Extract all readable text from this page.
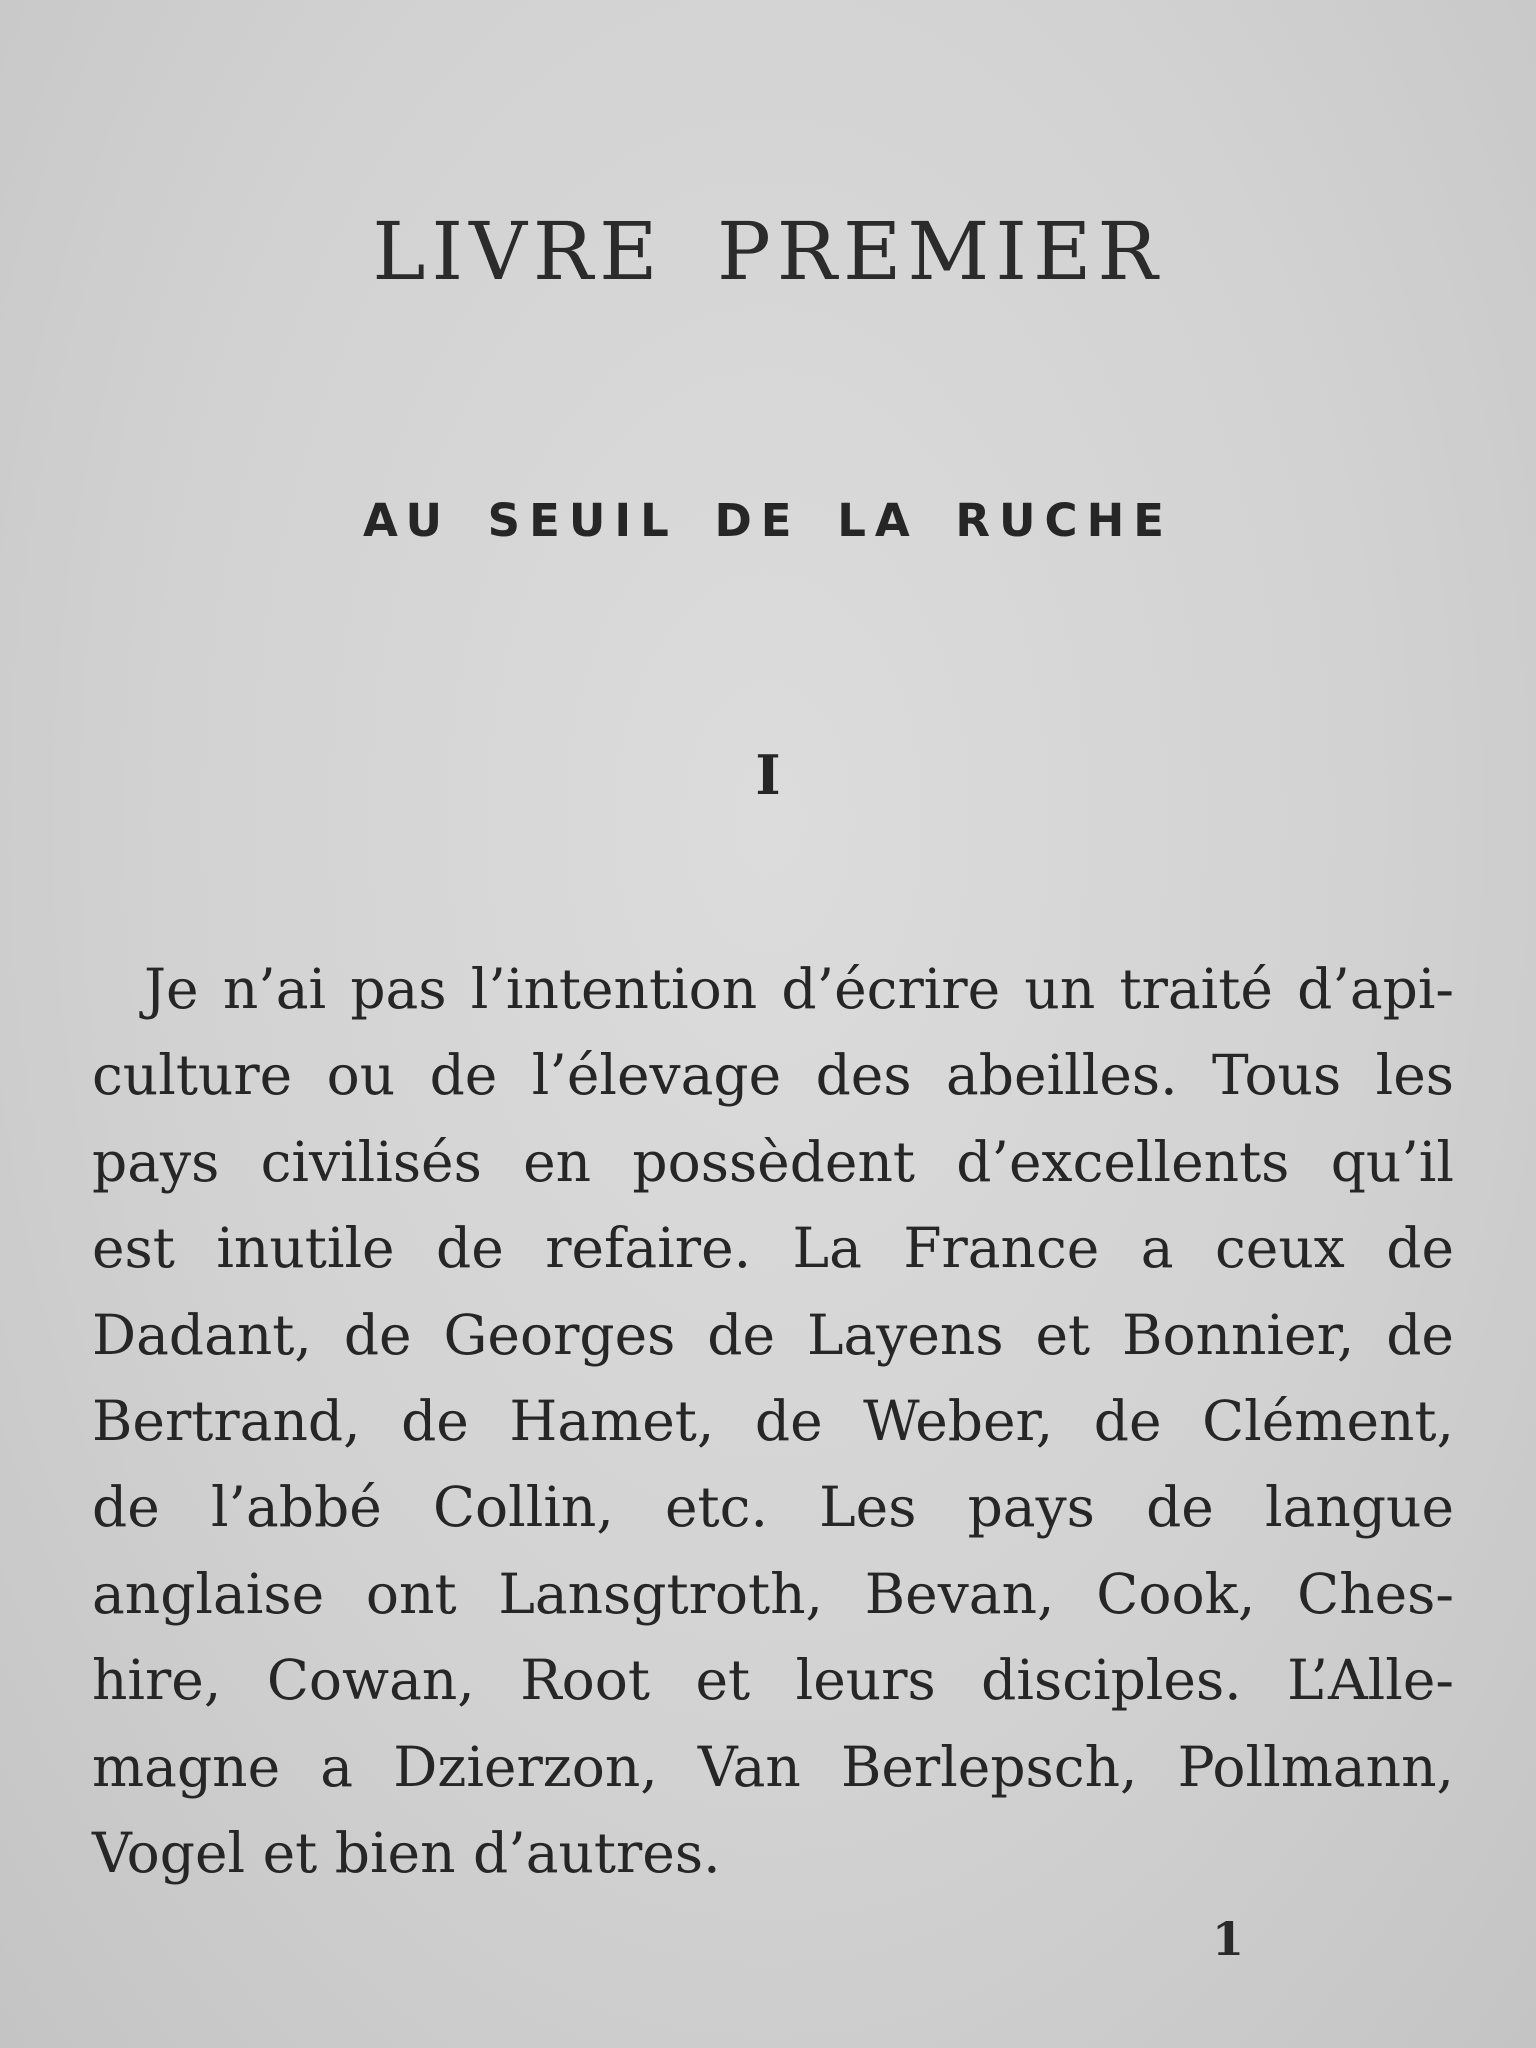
LIVRE PREMIER
AU SEUIL DE LA RUCHE
I

Je n’ai pas l’intention d’écrire un traité d’api-
culture ou de l’élevage des abeilles. Tous les
pays civilisés en possèdent d’excellents qu’il
est inutile de refaire. La France a ceux de
Dadant, de Georges de Layens et Bonnier, de
Bertrand, de Hamet, de Weber, de Clément,
de l’abbé Collin, etc. Les pays de langue
anglaise ont Lansgtroth, Bevan, Cook, Ches-
hire, Cowan, Root et leurs disciples. L’Alle-
magne a Dzierzon, Van Berlepsch, Pollmann,
Vogel et bien d’autres.

1
